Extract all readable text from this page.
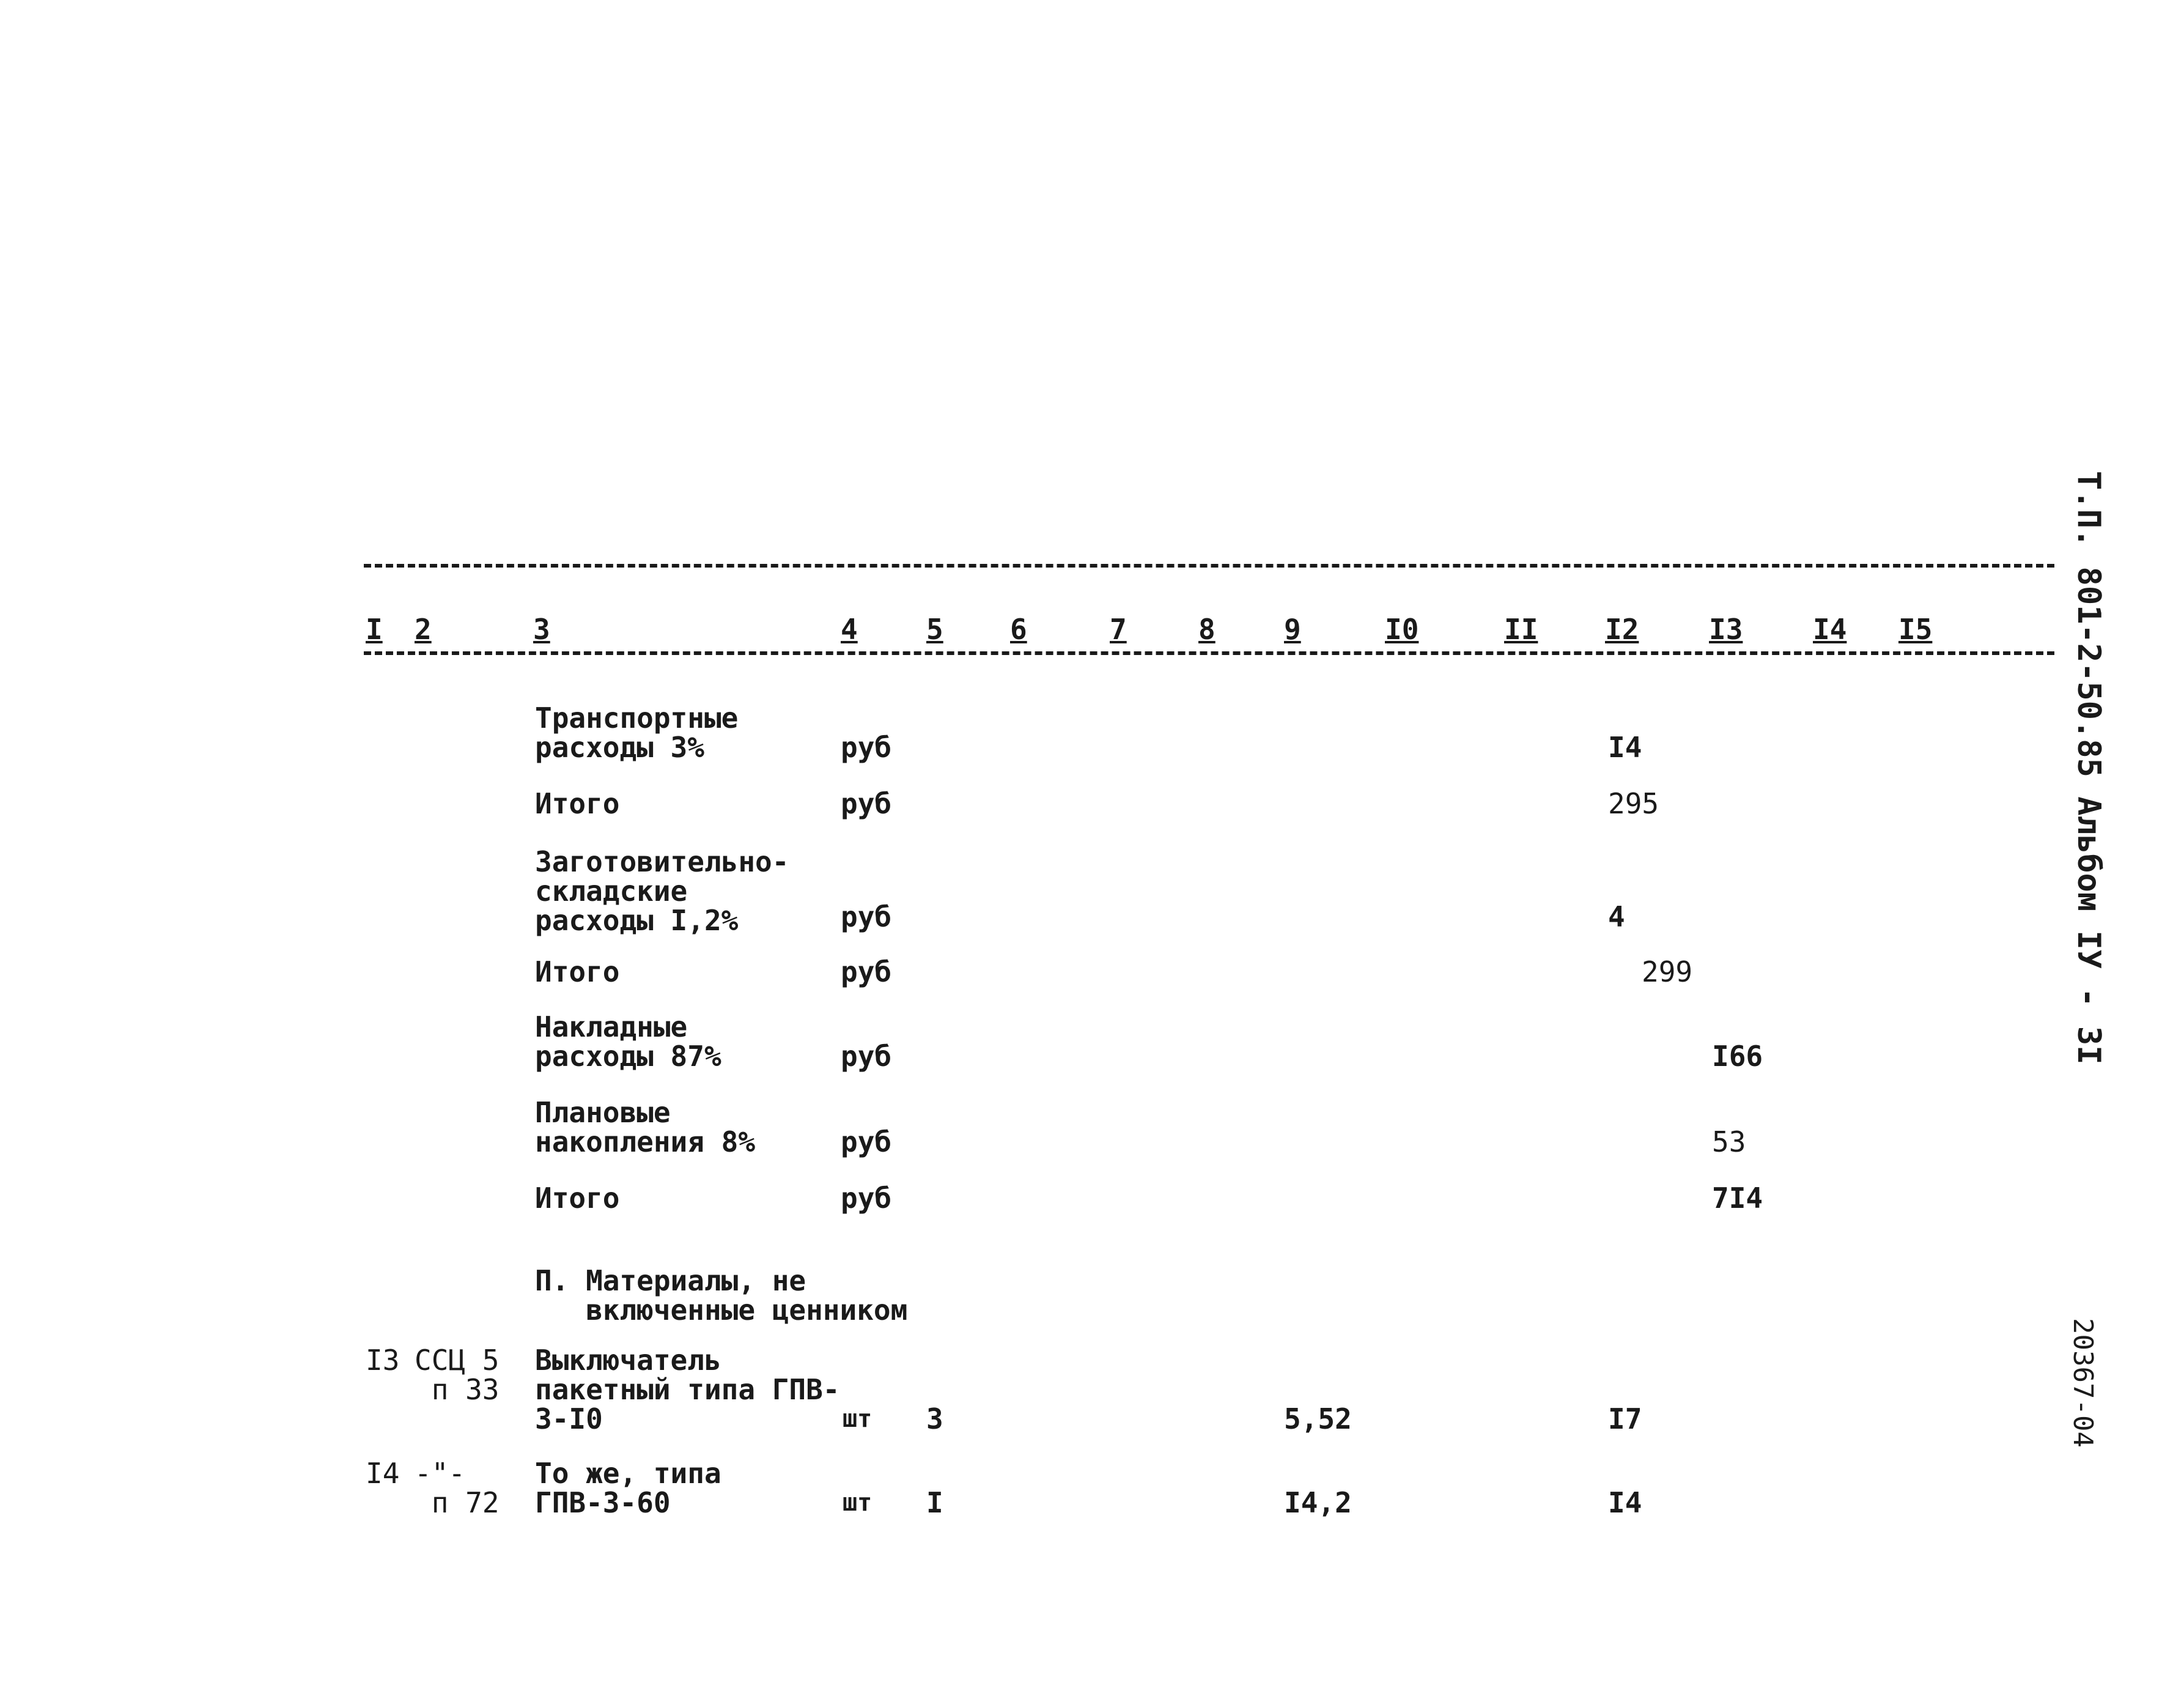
I 2	3	4 5 6	7	8 9	I0	II I2 I3 I4 I5
Транспортные
расходы 3%	руб	I4
Итого	руб	295
Заготовительно-
складские
расходы I,2%	руб	4
Итого	руб	299
Накладные
расходы 87%	руб	I66
Плановые
накопления 8%	руб	53
Итого	руб	7I4
П. Материалы, не
включенные ценником
I3 ССЦ 5
п 33
Выключатель
пакетный типа ГПВ-
3-I0	шт 3	5,52	I7
I4 -"-
п 72
То же, типа
ГПВ-3-60	шт I	I4,2	I4
Т.П. 801-2-50.85 Альбом IУ - 3I
20367-04
